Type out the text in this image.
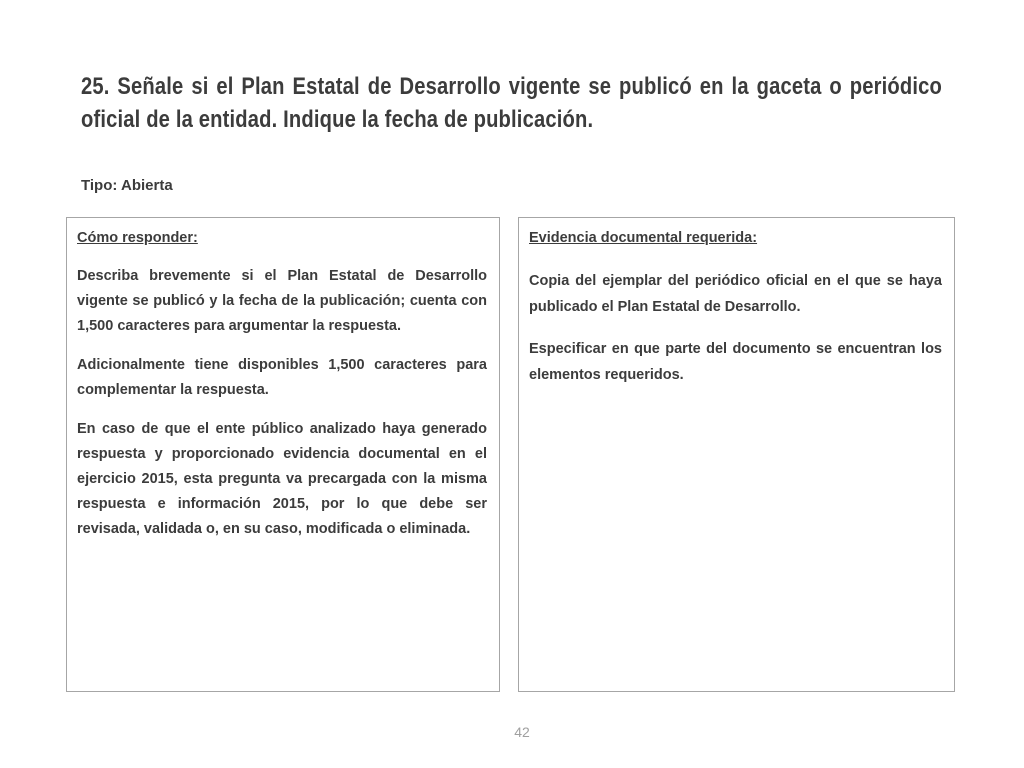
25. Señale si el Plan Estatal de Desarrollo vigente se publicó en la gaceta o periódico oficial de la entidad. Indique la fecha de publicación.

Tipo: Abierta

Cómo responder:

Describa brevemente si el Plan Estatal de Desarrollo vigente se publicó y la fecha de la publicación; cuenta con 1,500 caracteres para argumentar la respuesta.

Adicionalmente tiene disponibles 1,500 caracteres para complementar la respuesta.

En caso de que el ente público analizado haya generado respuesta y proporcionado evidencia documental en el ejercicio 2015, esta pregunta va precargada con la misma respuesta e información 2015, por lo que debe ser revisada, validada o, en su caso, modificada o eliminada.

Evidencia documental requerida:

Copia del ejemplar del periódico oficial en el que se haya publicado el Plan Estatal de Desarrollo.

Especificar en que parte del documento se encuentran los elementos requeridos.

42
